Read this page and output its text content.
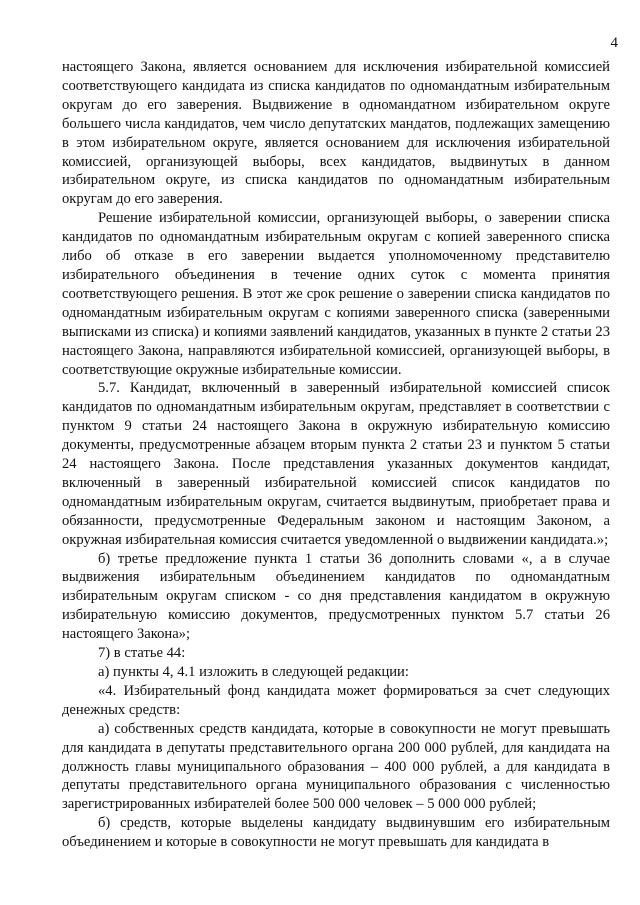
4

настоящего Закона, является основанием для исключения избирательной комиссией соответствующего кандидата из списка кандидатов по одномандатным избирательным округам до его заверения. Выдвижение в одномандатном избирательном округе большего числа кандидатов, чем число депутатских мандатов, подлежащих замещению в этом избирательном округе, является основанием для исключения избирательной комиссией, организующей выборы, всех кандидатов, выдвинутых в данном избирательном округе, из списка кандидатов по одномандатным избирательным округам до его заверения.

Решение избирательной комиссии, организующей выборы, о заверении списка кандидатов по одномандатным избирательным округам с копией заверенного списка либо об отказе в его заверении выдается уполномоченному представителю избирательного объединения в течение одних суток с момента принятия соответствующего решения. В этот же срок решение о заверении списка кандидатов по одномандатным избирательным округам с копиями заверенного списка (заверенными выписками из списка) и копиями заявлений кандидатов, указанных в пункте 2 статьи 23 настоящего Закона, направляются избирательной комиссией, организующей выборы, в соответствующие окружные избирательные комиссии.

5.7. Кандидат, включенный в заверенный избирательной комиссией список кандидатов по одномандатным избирательным округам, представляет в соответствии с пунктом 9 статьи 24 настоящего Закона в окружную избирательную комиссию документы, предусмотренные абзацем вторым пункта 2 статьи 23 и пунктом 5 статьи 24 настоящего Закона. После представления указанных документов кандидат, включенный в заверенный избирательной комиссией список кандидатов по одномандатным избирательным округам, считается выдвинутым, приобретает права и обязанности, предусмотренные Федеральным законом и настоящим Законом, а окружная избирательная комиссия считается уведомленной о выдвижении кандидата.»;

б) третье предложение пункта 1 статьи 36 дополнить словами «, а в случае выдвижения избирательным объединением кандидатов по одномандатным избирательным округам списком - со дня представления кандидатом в окружную избирательную комиссию документов, предусмотренных пунктом 5.7 статьи 26 настоящего Закона»;

7) в статье 44:

а) пункты 4, 4.1 изложить в следующей редакции:

«4. Избирательный фонд кандидата может формироваться за счет следующих денежных средств:

а) собственных средств кандидата, которые в совокупности не могут превышать для кандидата в депутаты представительного органа 200 000 рублей, для кандидата на должность главы муниципального образования – 400 000 рублей, а для кандидата в депутаты представительного органа муниципального образования с численностью зарегистрированных избирателей более 500 000 человек – 5 000 000 рублей;

б) средств, которые выделены кандидату выдвинувшим его избирательным объединением и которые в совокупности не могут превышать для кандидата в
